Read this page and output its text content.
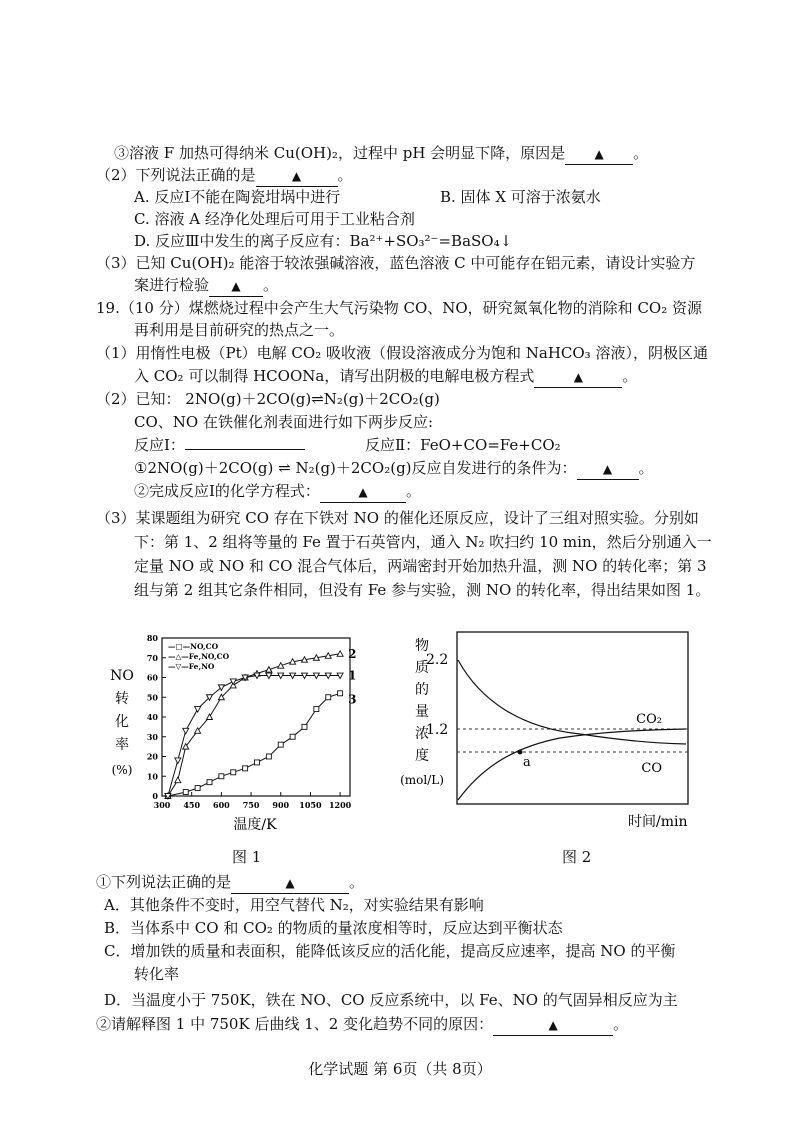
③溶液 F 加热可得纳米 Cu(OH)₂，过程中 pH 会明显下降，原因是 ▲ 。
（2）下列说法正确的是	▲ 。
A. 反应Ⅰ不能在陶瓷坩埚中进行	B. 固体 X 可溶于浓氨水
C. 溶液 A 经净化处理后可用于工业粘合剂
D. 反应Ⅲ中发生的离子反应有：Ba²⁺+SO₃²⁻=BaSO₄↓
（3）已知 Cu(OH)₂ 能溶于较浓强碱溶液，蓝色溶液 C 中可能存在铝元素，请设计实验方
案进行检验 ▲ 。
19.（10 分）煤燃烧过程中会产生大气污染物 CO、NO，研究氮氧化物的消除和 CO₂ 资源
再利用是目前研究的热点之一。
（1）用惰性电极（Pt）电解 CO₂ 吸收液（假设溶液成分为饱和 NaHCO₃ 溶液），阴极区通
入 CO₂ 可以制得 HCOONa，请写出阴极的电解电极方程式	▲	。
（2）已知： 2NO(g)＋2CO(g)⇌N₂(g)＋2CO₂(g)
CO、NO 在铁催化剂表面进行如下两步反应:
反应Ⅰ：	反应Ⅱ：FeO+CO=Fe+CO₂
①2NO(g)＋2CO(g) ⇌ N₂(g)＋2CO₂(g)反应自发进行的条件为： ▲ 。
②完成反应Ⅰ的化学方程式：	▲	。
（3）某课题组为研究 CO 存在下铁对 NO 的催化还原反应，设计了三组对照实验。分别如
下：第 1、2 组将等量的 Fe 置于石英管内，通入 N₂ 吹扫约 10 min，然后分别通入一
定量 NO 或 NO 和 CO 混合气体后，两端密封开始加热升温，测 NO 的转化率；第 3
组与第 2 组其它条件相同，但没有 Fe 参与实验，测 NO 的转化率，得出结果如图 1。
NO
转
化
率
(%)
0
10
20
30
40
50
60
70
80
300 450 600 750 900 1050 1200
—□—NO,CO
—△—Fe,NO,CO
—▽—Fe,NO
3
2
1
温度/K
物
质
的
量
浓
度
(mol/L)
2.2
1.2
a
CO₂
CO
时间/min
图 1	图 2
①下列说法正确的是	▲	。
A．其他条件不变时，用空气替代 N₂，对实验结果有影响
B．当体系中 CO 和 CO₂ 的物质的量浓度相等时，反应达到平衡状态
C．增加铁的质量和表面积，能降低该反应的活化能，提高反应速率，提高 NO 的平衡
转化率
D．当温度小于 750K，铁在 NO、CO 反应系统中，以 Fe、NO 的气固异相反应为主
②请解释图 1 中 750K 后曲线 1、2 变化趋势不同的原因：	▲	。
化学试题 第 6页（共 8页）
